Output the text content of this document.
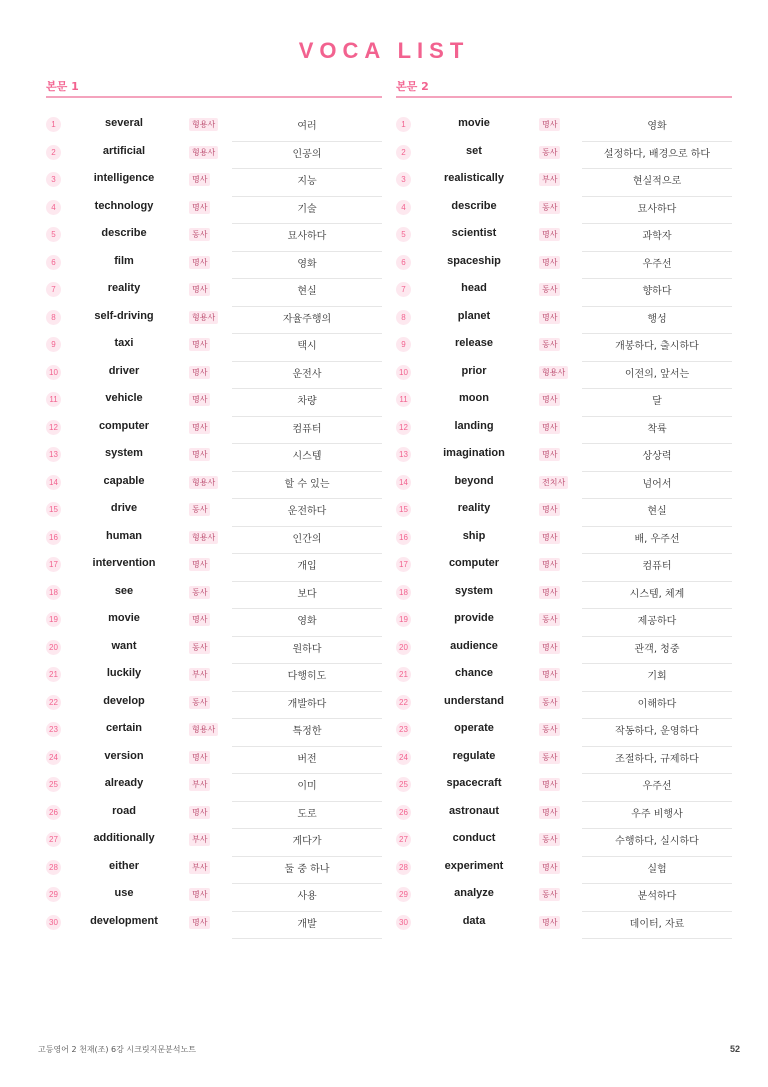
VOCA LIST
본문 1
1	several	형용사	여러
2	artificial	형용사	인공의
3	intelligence	명사	지능
4	technology	명사	기술
5	describe	동사	묘사하다
6	film	명사	영화
7	reality	명사	현실
8	self-driving	형용사	자율주행의
9	taxi	명사	택시
10	driver	명사	운전사
11	vehicle	명사	차량
12	computer	명사	컴퓨터
13	system	명사	시스템
14	capable	형용사	할 수 있는
15	drive	동사	운전하다
16	human	형용사	인간의
17	intervention	명사	개입
18	see	동사	보다
19	movie	명사	영화
20	want	동사	원하다
21	luckily	부사	다행히도
22	develop	동사	개발하다
23	certain	형용사	특정한
24	version	명사	버전
25	already	부사	이미
26	road	명사	도로
27	additionally	부사	게다가
28	either	부사	둘 중 하나
29	use	명사	사용
30	development	명사	개발
본문 2
1	movie	명사	영화
2	set	동사	설정하다, 배경으로 하다
3	realistically	부사	현실적으로
4	describe	동사	묘사하다
5	scientist	명사	과학자
6	spaceship	명사	우주선
7	head	동사	향하다
8	planet	명사	행성
9	release	동사	개봉하다, 출시하다
10	prior	형용사	이전의, 앞서는
11	moon	명사	달
12	landing	명사	착륙
13	imagination	명사	상상력
14	beyond	전치사	넘어서
15	reality	명사	현실
16	ship	명사	배, 우주선
17	computer	명사	컴퓨터
18	system	명사	시스템, 체계
19	provide	동사	제공하다
20	audience	명사	관객, 청중
21	chance	명사	기회
22	understand	동사	이해하다
23	operate	동사	작동하다, 운영하다
24	regulate	동사	조절하다, 규제하다
25	spacecraft	명사	우주선
26	astronaut	명사	우주 비행사
27	conduct	동사	수행하다, 실시하다
28	experiment	명사	실험
29	analyze	동사	분석하다
30	data	명사	데이터, 자료
고등영어 2 천재(조) 6강 시크릿지문분석노트	52
